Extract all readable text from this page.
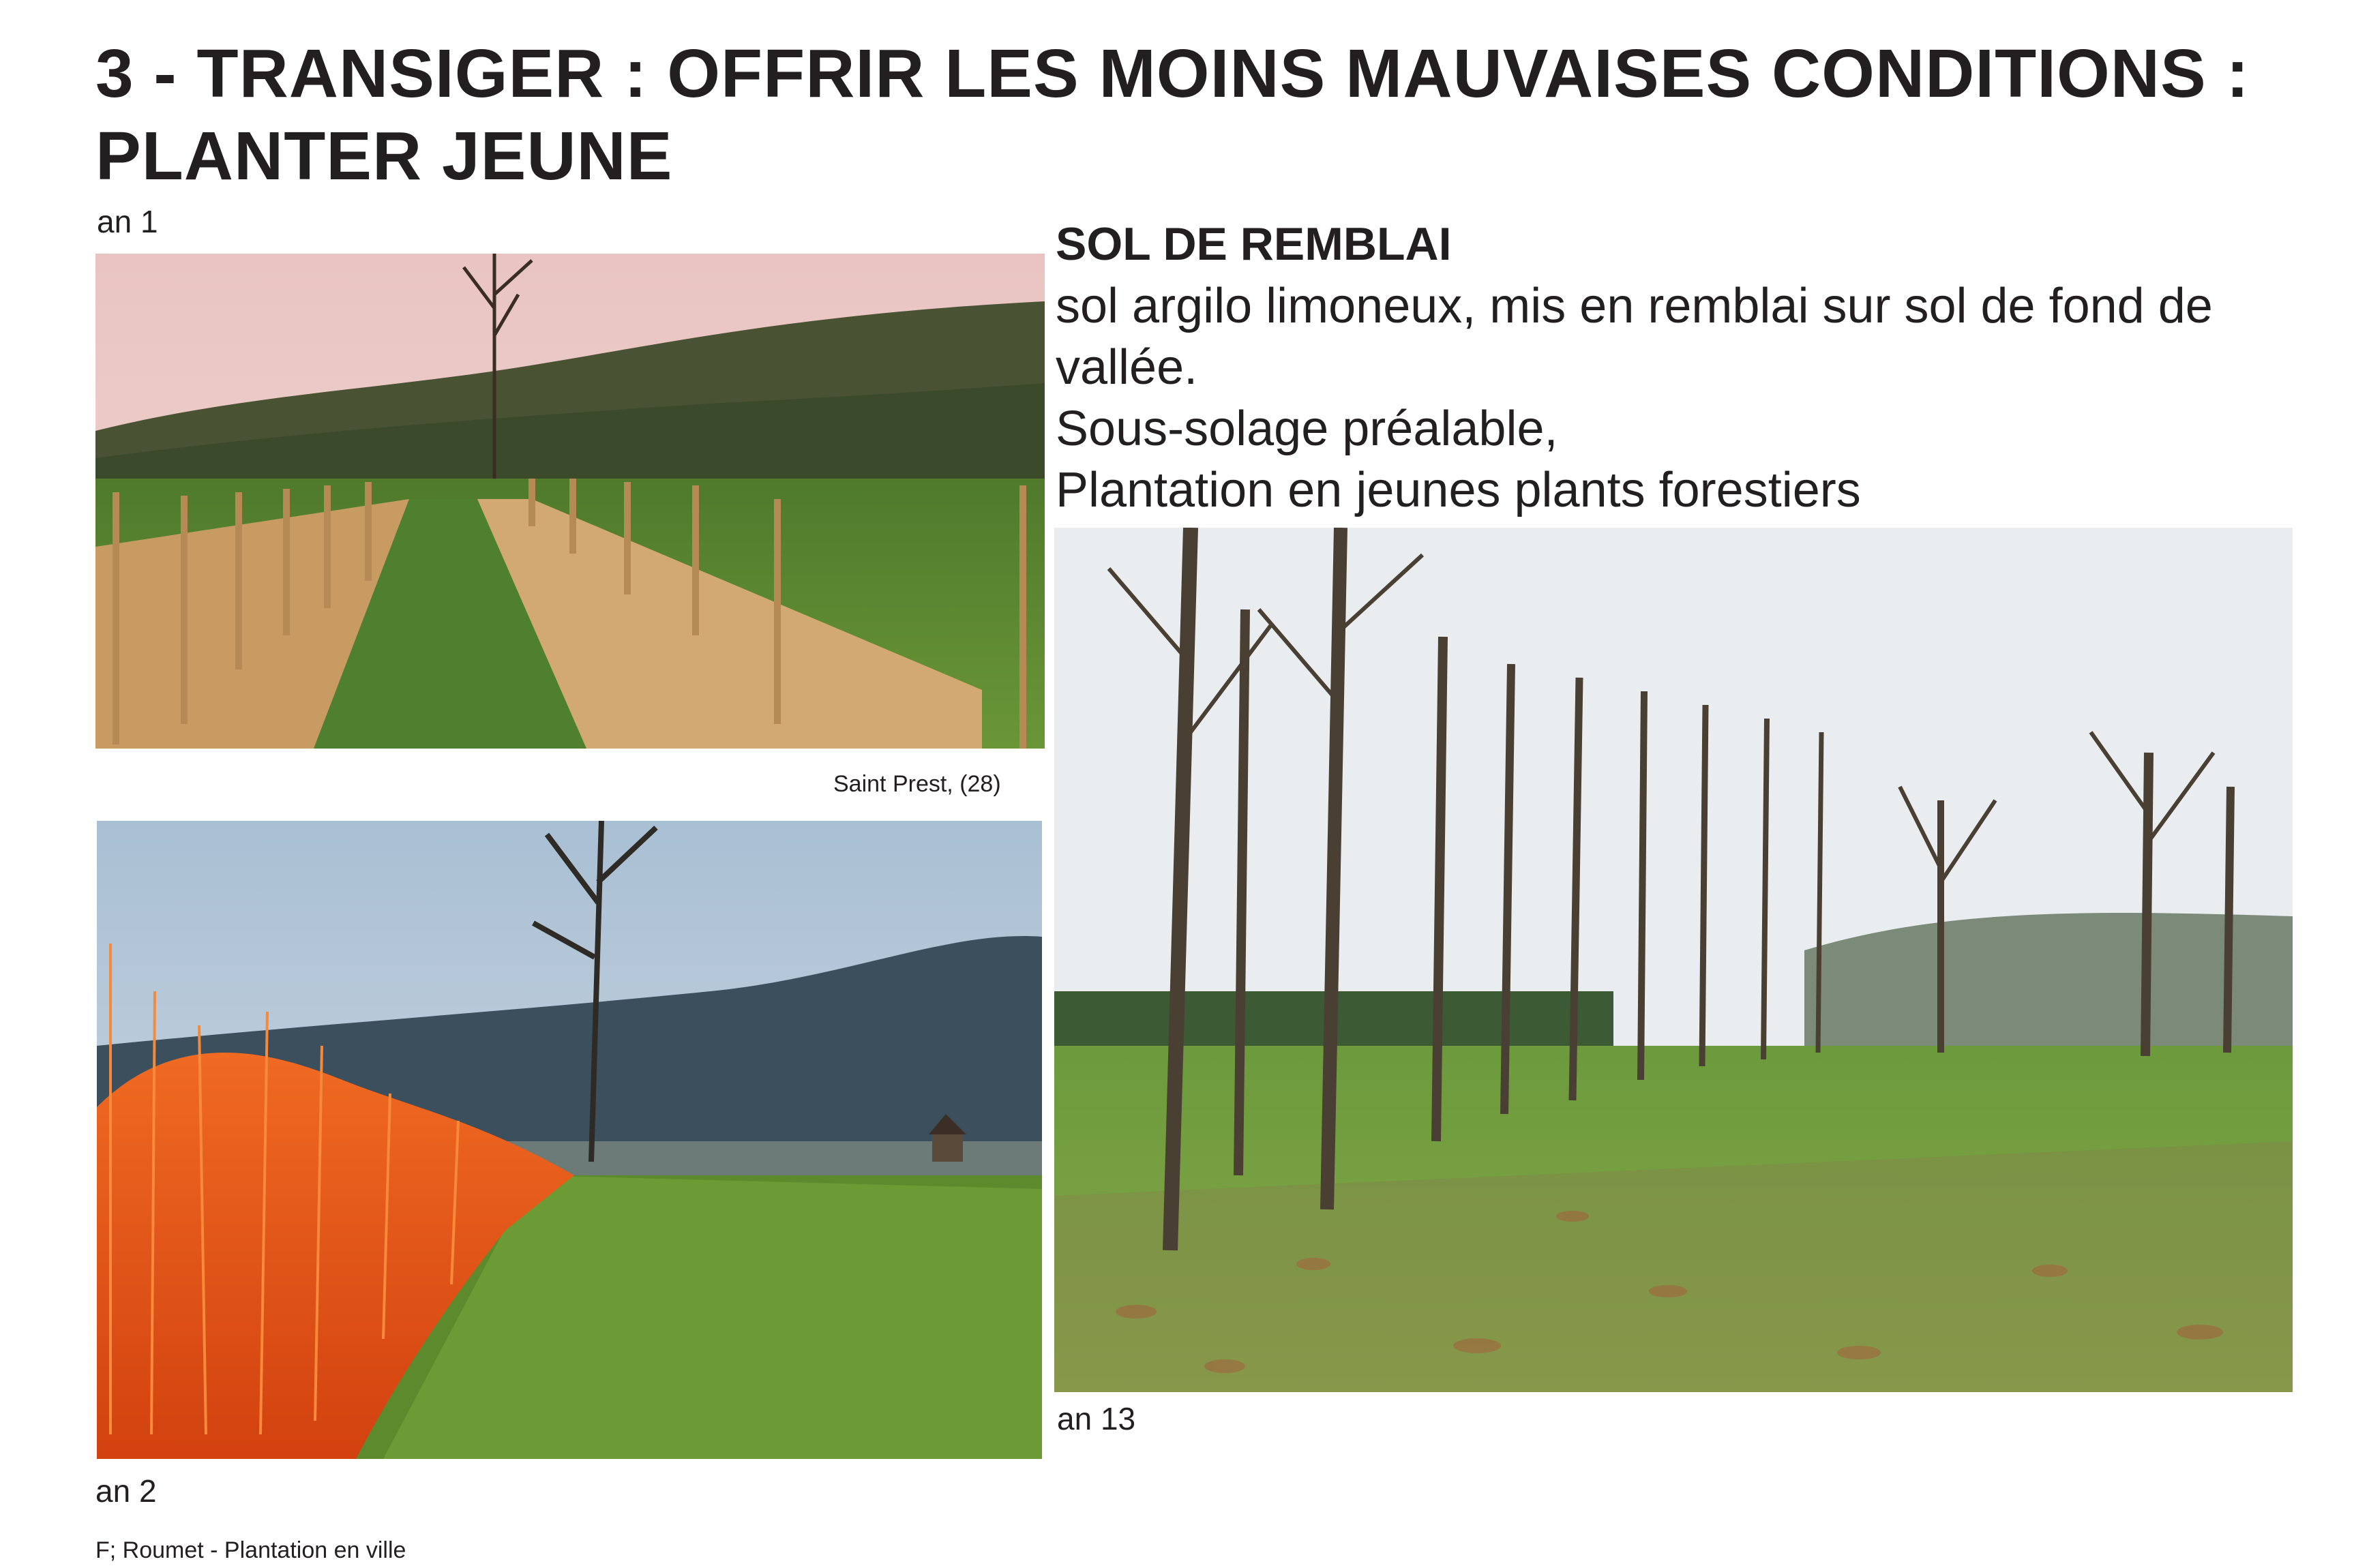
3 - TRANSIGER : OFFRIR LES MOINS MAUVAISES CONDITIONS :
PLANTER JEUNE
an 1
Saint Prest, (28)
an 2
SOL DE REMBLAI
sol argilo limoneux, mis en remblai sur sol de fond de
vallée.
Sous-solage préalable,
Plantation en jeunes plants forestiers
an 13
F; Roumet - Plantation en ville
